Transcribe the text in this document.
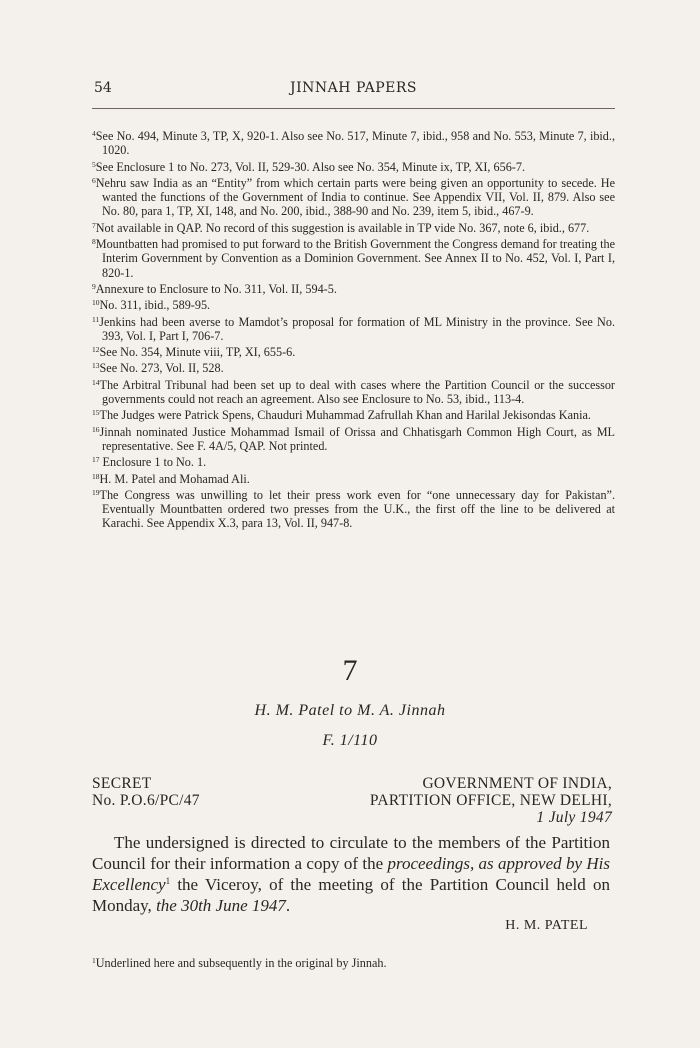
54	JINNAH PAPERS

$^4$See No. 494, Minute 3, TP, X, 920-1. Also see No. 517, Minute 7, ibid., 958 and No. 553, Minute 7, ibid., 1020.

$^5$See Enclosure 1 to No. 273, Vol. II, 529-30. Also see No. 354, Minute ix, TP, XI, 656-7.

$^6$Nehru saw India as an “Entity” from which certain parts were being given an opportunity to secede. He wanted the functions of the Government of India to continue. See Appendix VII, Vol. II, 879. Also see No. 80, para 1, TP, XI, 148, and No. 200, ibid., 388-90 and No. 239, item 5, ibid., 467-9.

$^7$Not available in QAP. No record of this suggestion is available in TP vide No. 367, note 6, ibid., 677.

$^8$Mountbatten had promised to put forward to the British Government the Congress demand for treating the Interim Government by Convention as a Dominion Government. See Annex II to No. 452, Vol. I, Part I, 820-1.

$^9$Annexure to Enclosure to No. 311, Vol. II, 594-5.

$^{10}$No. 311, ibid., 589-95.

$^{11}$Jenkins had been averse to Mamdot’s proposal for formation of ML Ministry in the province. See No. 393, Vol. I, Part I, 706-7.

$^{12}$See No. 354, Minute viii, TP, XI, 655-6.

$^{13}$See No. 273, Vol. II, 528.

$^{14}$The Arbitral Tribunal had been set up to deal with cases where the Partition Council or the successor governments could not reach an agreement. Also see Enclosure to No. 53, ibid., 113-4.

$^{15}$The Judges were Patrick Spens, Chauduri Muhammad Zafrullah Khan and Harilal Jekisondas Kania.

$^{16}$Jinnah nominated Justice Mohammad Ismail of Orissa and Chhatisgarh Common High Court, as ML representative. See F. 4A/5, QAP. Not printed.

$^{17}$ Enclosure 1 to No. 1.

$^{18}$H. M. Patel and Mohamad Ali.

$^{19}$The Congress was unwilling to let their press work even for “one unnecessary day for Pakistan”. Eventually Mountbatten ordered two presses from the U.K., the first off the line to be delivered at Karachi. See Appendix X.3, para 13, Vol. II, 947-8.

7
H. M. Patel to M. A. Jinnah
F. 1/110
SECRET
No. P.O.6/PC/47
GOVERNMENT OF INDIA,
PARTITION OFFICE, NEW DELHI,
1 July 1947

The undersigned is directed to circulate to the members of the Partition Council for their information a copy of the proceedings, as approved by His Excellency$^1$ the Viceroy, of the meeting of the Partition Council held on Monday, the 30th June 1947.

H. M. PATEL
$^1$Underlined here and subsequently in the original by Jinnah.
